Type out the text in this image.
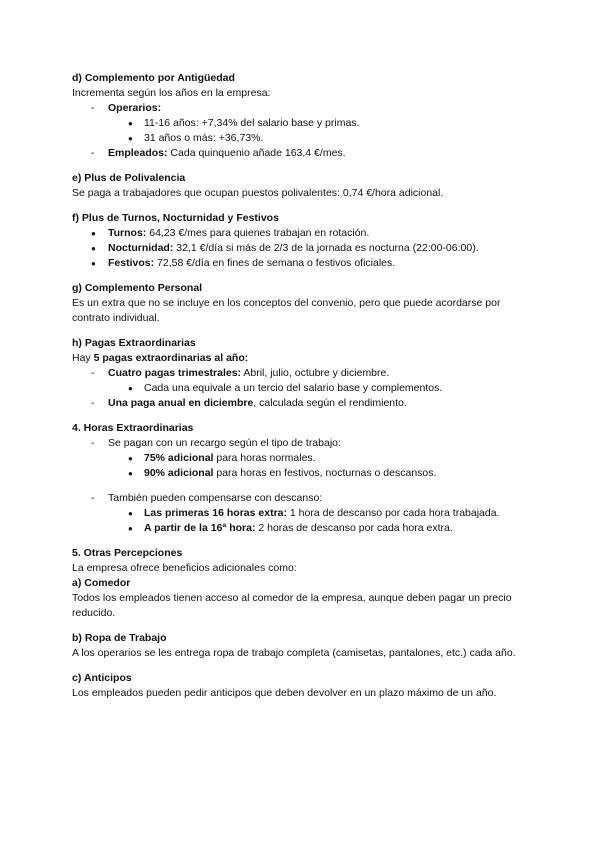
d) Complemento por Antigüedad

Incrementa según los años en la empresa:

- Operarios:
● 11-16 años: +7,34% del salario base y primas.
● 31 años o más: +36,73%.
- Empleados: Cada quinquenio añade 163,4 €/mes.

e) Plus de Polivalencia

Se paga a trabajadores que ocupan puestos polivalentes: 0,74 €/hora adicional.

f) Plus de Turnos, Nocturnidad y Festivos

● Turnos: 64,23 €/mes para quienes trabajan en rotación.
● Nocturnidad: 32,1 €/día si más de 2/3 de la jornada es nocturna (22:00-06:00).
● Festivos: 72,58 €/día en fines de semana o festivos oficiales.

g) Complemento Personal

Es un extra que no se incluye en los conceptos del convenio, pero que puede acordarse por contrato individual.

h) Pagas Extraordinarias

Hay 5 pagas extraordinarias al año:

- Cuatro pagas trimestrales: Abril, julio, octubre y diciembre.
● Cada una equivale a un tercio del salario base y complementos.
- Una paga anual en diciembre, calculada según el rendimiento.

4. Horas Extraordinarias

- Se pagan con un recargo según el tipo de trabajo:
● 75% adicional para horas normales.
● 90% adicional para horas en festivos, nocturnas o descansos.
- También pueden compensarse con descanso:
● Las primeras 16 horas extra: 1 hora de descanso por cada hora trabajada.
● A partir de la 16ª hora: 2 horas de descanso por cada hora extra.

5. Otras Percepciones

La empresa ofrece beneficios adicionales como:

a) Comedor

Todos los empleados tienen acceso al comedor de la empresa, aunque deben pagar un precio reducido.

b) Ropa de Trabajo

A los operarios se les entrega ropa de trabajo completa (camisetas, pantalones, etc.) cada año.

c) Anticipos

Los empleados pueden pedir anticipos que deben devolver en un plazo máximo de un año.
